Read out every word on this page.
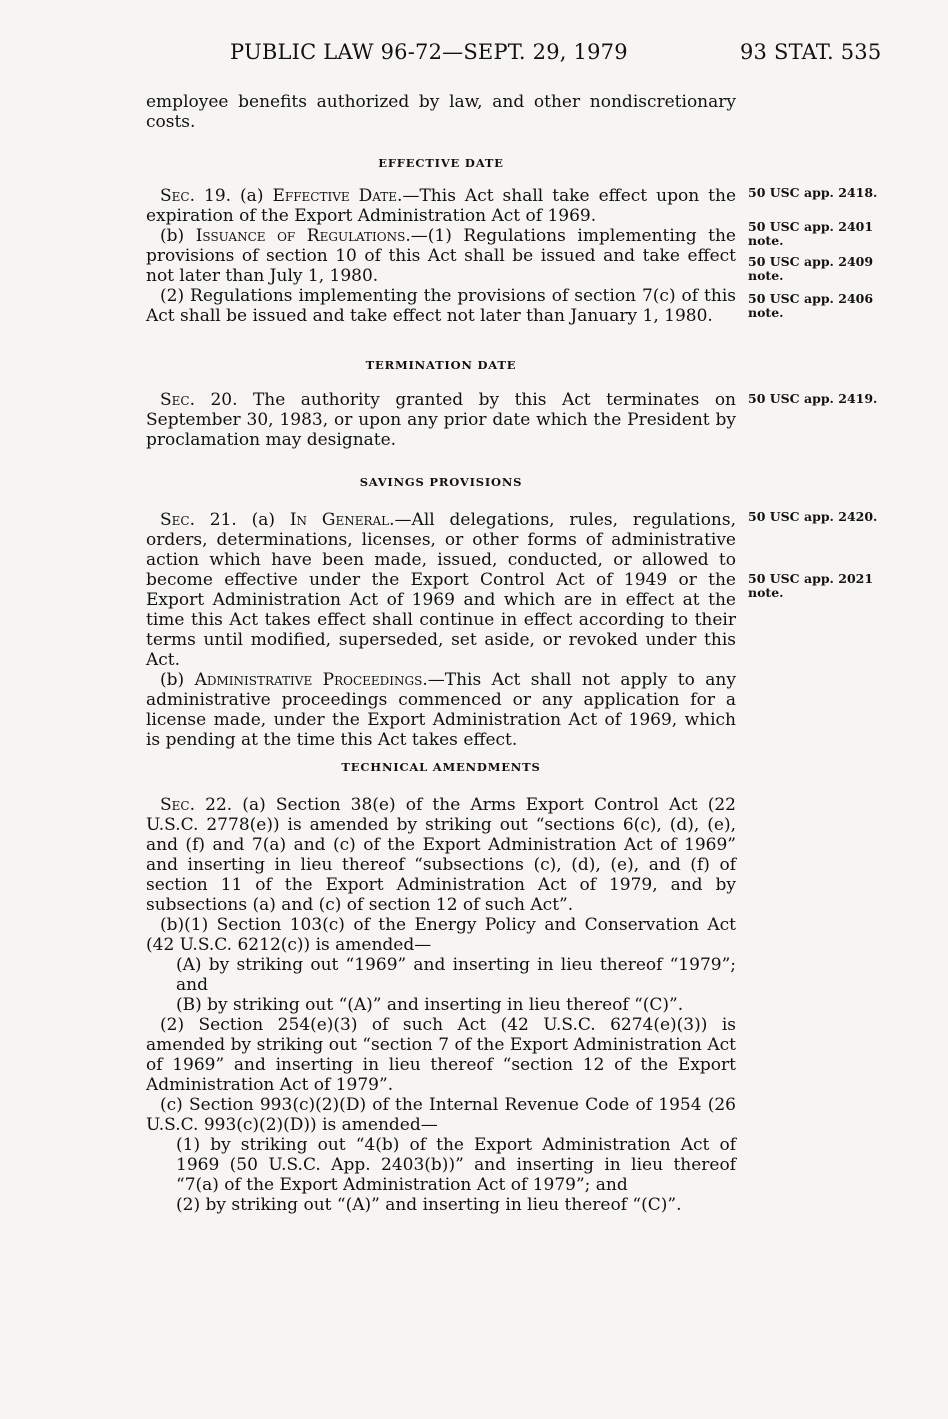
PUBLIC LAW 96-72—SEPT. 29, 1979	93 STAT. 535

employee benefits authorized by law, and other nondiscretionary costs.

EFFECTIVE DATE

Sec. 19. (a) Effective Date.—This Act shall take effect upon the expiration of the Export Administration Act of 1969.

(b) Issuance of Regulations.—(1) Regulations implementing the provisions of section 10 of this Act shall be issued and take effect not later than July 1, 1980.

(2) Regulations implementing the provisions of section 7(c) of this Act shall be issued and take effect not later than January 1, 1980.

TERMINATION DATE

Sec. 20. The authority granted by this Act terminates on September 30, 1983, or upon any prior date which the President by proclamation may designate.

SAVINGS PROVISIONS

Sec. 21. (a) In General.—All delegations, rules, regulations, orders, determinations, licenses, or other forms of administrative action which have been made, issued, conducted, or allowed to become effective under the Export Control Act of 1949 or the Export Administration Act of 1969 and which are in effect at the time this Act takes effect shall continue in effect according to their terms until modified, superseded, set aside, or revoked under this Act.

(b) Administrative Proceedings.—This Act shall not apply to any administrative proceedings commenced or any application for a license made, under the Export Administration Act of 1969, which is pending at the time this Act takes effect.

TECHNICAL AMENDMENTS

Sec. 22. (a) Section 38(e) of the Arms Export Control Act (22 U.S.C. 2778(e)) is amended by striking out “sections 6(c), (d), (e), and (f) and 7(a) and (c) of the Export Administration Act of 1969” and inserting in lieu thereof “subsections (c), (d), (e), and (f) of section 11 of the Export Administration Act of 1979, and by subsections (a) and (c) of section 12 of such Act”.

(b)(1) Section 103(c) of the Energy Policy and Conservation Act (42 U.S.C. 6212(c)) is amended—

(A) by striking out “1969” and inserting in lieu thereof “1979”; and

(B) by striking out “(A)” and inserting in lieu thereof “(C)”.

(2) Section 254(e)(3) of such Act (42 U.S.C. 6274(e)(3)) is amended by striking out “section 7 of the Export Administration Act of 1969” and inserting in lieu thereof “section 12 of the Export Administration Act of 1979”.

(c) Section 993(c)(2)(D) of the Internal Revenue Code of 1954 (26 U.S.C. 993(c)(2)(D)) is amended—

(1) by striking out “4(b) of the Export Administration Act of 1969 (50 U.S.C. App. 2403(b))” and inserting in lieu thereof “7(a) of the Export Administration Act of 1979”; and

(2) by striking out “(A)” and inserting in lieu thereof “(C)”.

50 USC app. 2418.
50 USC app. 2401 note.
50 USC app. 2409 note.
50 USC app. 2406 note.
50 USC app. 2419.
50 USC app. 2420.
50 USC app. 2021 note.
